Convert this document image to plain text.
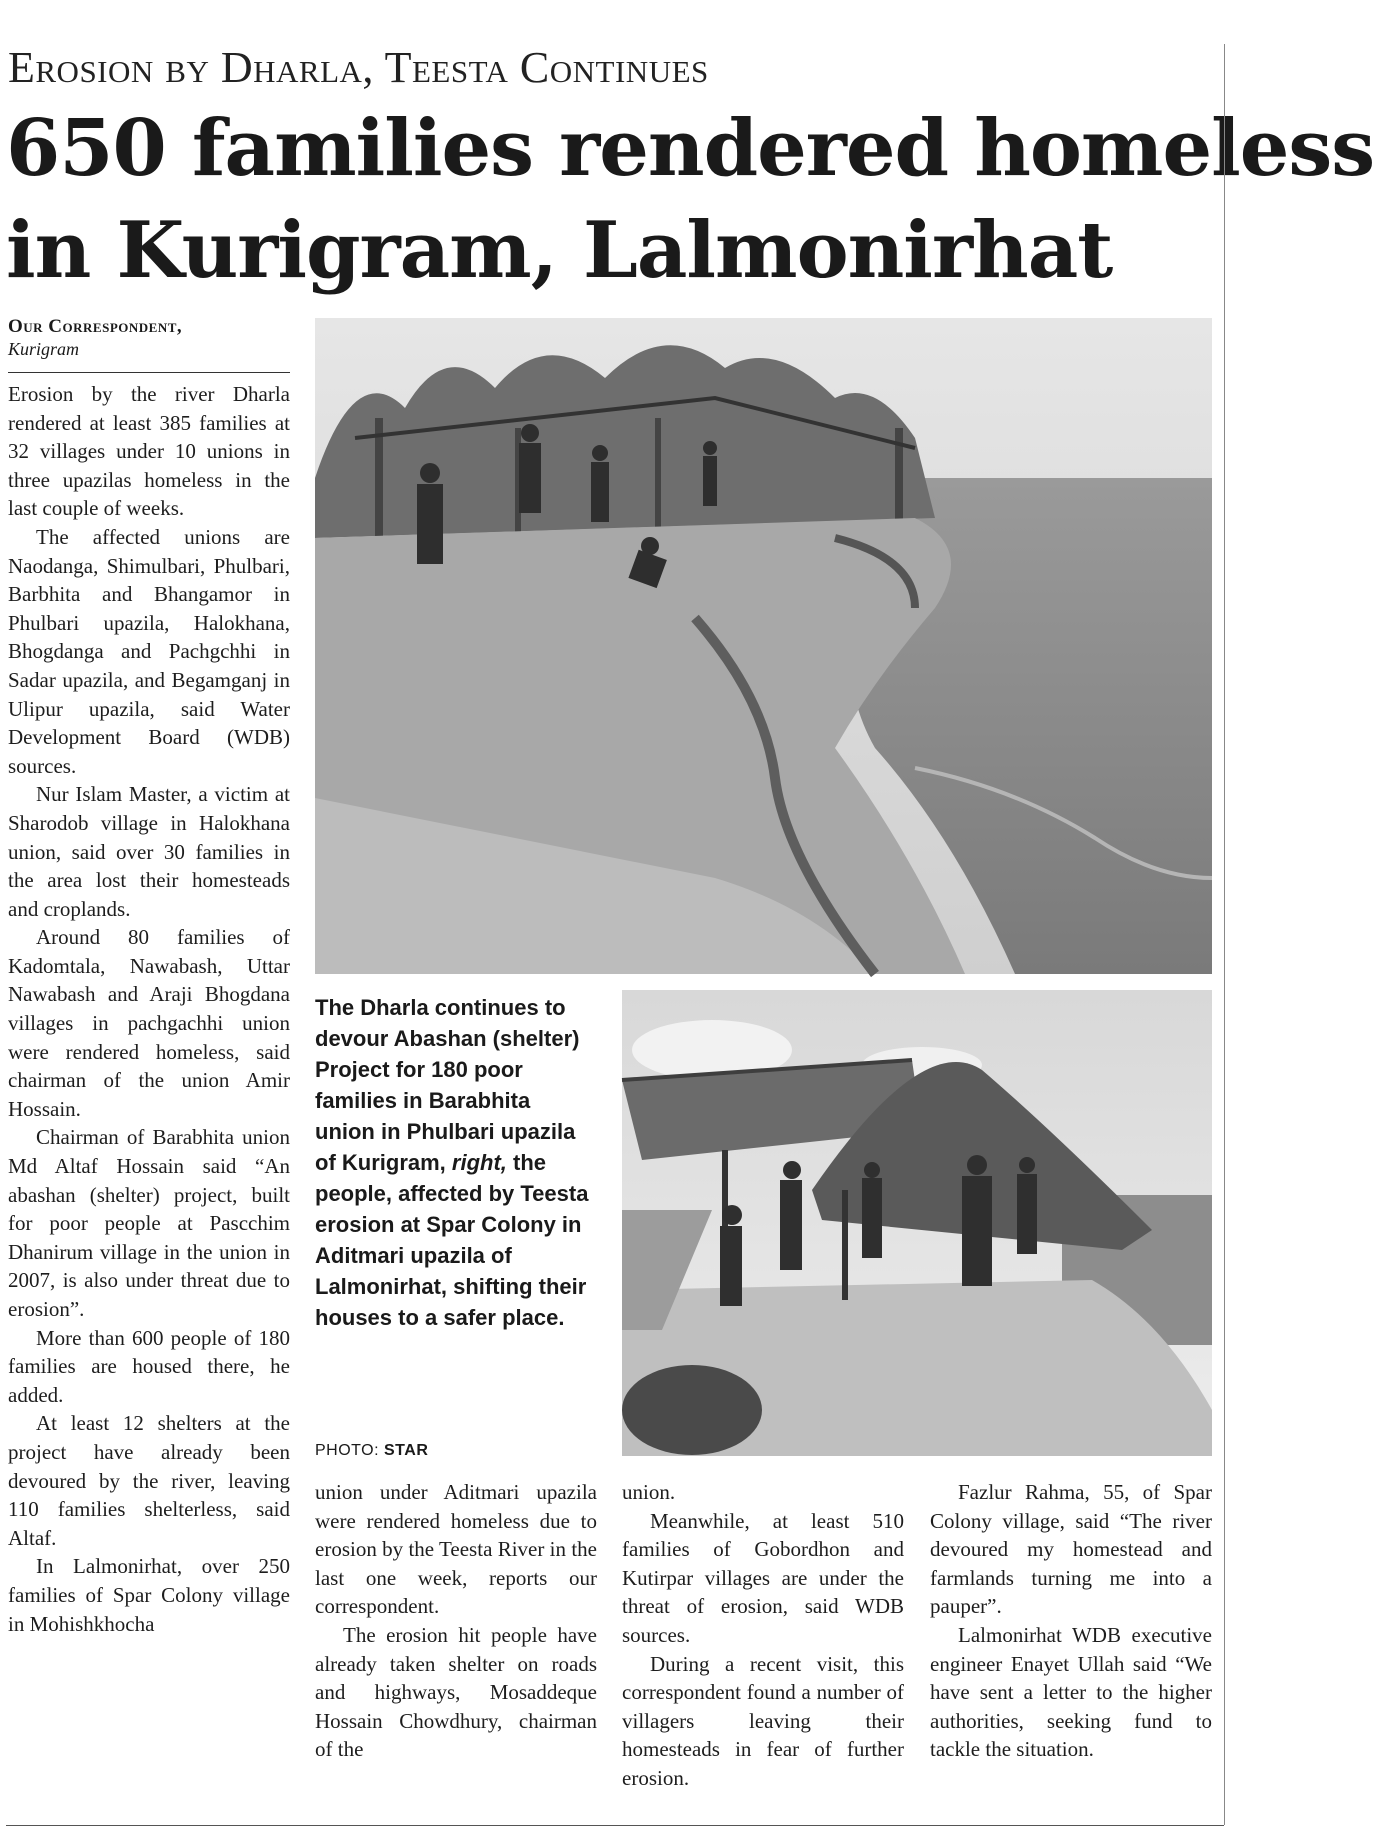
Erosion by Dharla, Teesta Continues
650 families rendered homeless
in Kurigram, Lalmonirhat
Our Correspondent,
Kurigram

Erosion by the river Dharla rendered at least 385 families at 32 villages under 10 unions in three upazilas homeless in the last couple of weeks.

The affected unions are Naodanga, Shimulbari, Phulbari, Barbhita and Bhangamor in Phulbari upazila, Halokhana, Bhogdanga and Pachgchhi in Sadar upazila, and Begamganj in Ulipur upazila, said Water Development Board (WDB) sources.

Nur Islam Master, a victim at Sharodob village in Halokhana union, said over 30 families in the area lost their homesteads and croplands.

Around 80 families of Kadomtala, Nawabash, Uttar Nawabash and Araji Bhogdana villages in pachgachhi union were rendered homeless, said chairman of the union Amir Hossain.

Chairman of Barabhita union Md Altaf Hossain said “An abashan (shelter) project, built for poor people at Pascchim Dhanirum village in the union in 2007, is also under threat due to erosion”.

More than 600 people of 180 families are housed there, he added.

At least 12 shelters at the project have already been devoured by the river, leaving 110 families shelterless, said Altaf.

In Lalmonirhat, over 250 families of Spar Colony village in Mohishkhocha

The Dharla continues to devour Abashan (shelter) Project for 180 poor families in Barabhita union in Phulbari upazila of Kurigram, right, the people, affected by Teesta erosion at Spar Colony in Aditmari upazila of Lalmonirhat, shifting their houses to a safer place.
PHOTO: STAR

union under Aditmari upazila were rendered homeless due to erosion by the Teesta River in the last one week, reports our correspondent.

The erosion hit people have already taken shelter on roads and highways, Mosaddeque Hossain Chowdhury, chairman of the

union.

Meanwhile, at least 510 families of Gobordhon and Kutirpar villages are under the threat of erosion, said WDB sources.

During a recent visit, this correspondent found a number of villagers leaving their homesteads in fear of further erosion.

Fazlur Rahma, 55, of Spar Colony village, said “The river devoured my homestead and farmlands turning me into a pauper”.

Lalmonirhat WDB executive engineer Enayet Ullah said “We have sent a letter to the higher authorities, seeking fund to tackle the situation.
